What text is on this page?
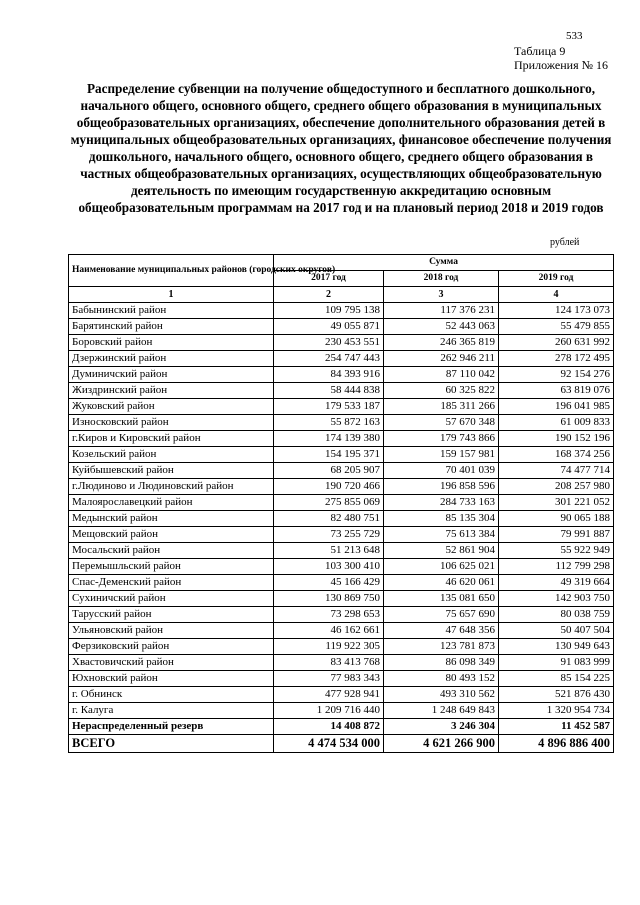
533
Таблица 9
Приложения № 16
Распределение субвенции на получение общедоступного и бесплатного дошкольного, начального общего, основного общего, среднего общего образования в муниципальных общеобразовательных организациях, обеспечение дополнительного образования детей в муниципальных общеобразовательных организациях, финансовое обеспечение получения дошкольного, начального общего, основного общего, среднего общего образования в частных общеобразовательных организациях, осуществляющих общеобразовательную деятельность по имеющим государственную аккредитацию основным общеобразовательным программам на 2017 год и на плановый период 2018 и 2019 годов
рублей
Наименование муниципальных районов (городских округов)	Сумма		
	2017 год	2018 год	2019 год
1	2	3	4
Бабынинский район	109 795 138	117 376 231	124 173 073
Барятинский район	49 055 871	52 443 063	55 479 855
Боровский район	230 453 551	246 365 819	260 631 992
Дзержинский район	254 747 443	262 946 211	278 172 495
Думиничский район	84 393 916	87 110 042	92 154 276
Жиздринский район	58 444 838	60 325 822	63 819 076
Жуковский район	179 533 187	185 311 266	196 041 985
Износковский район	55 872 163	57 670 348	61 009 833
г.Киров и Кировский район	174 139 380	179 743 866	190 152 196
Козельский район	154 195 371	159 157 981	168 374 256
Куйбышевский район	68 205 907	70 401 039	74 477 714
г.Людиново и Людиновский район	190 720 466	196 858 596	208 257 980
Малоярославецкий район	275 855 069	284 733 163	301 221 052
Медынский район	82 480 751	85 135 304	90 065 188
Мещовский район	73 255 729	75 613 384	79 991 887
Мосальский район	51 213 648	52 861 904	55 922 949
Перемышльский район	103 300 410	106 625 021	112 799 298
Спас-Деменский район	45 166 429	46 620 061	49 319 664
Сухиничский район	130 869 750	135 081 650	142 903 750
Тарусский район	73 298 653	75 657 690	80 038 759
Ульяновский район	46 162 661	47 648 356	50 407 504
Ферзиковский район	119 922 305	123 781 873	130 949 643
Хвастовичский район	83 413 768	86 098 349	91 083 999
Юхновский район	77 983 343	80 493 152	85 154 225
г. Обнинск	477 928 941	493 310 562	521 876 430
г. Калуга	1 209 716 440	1 248 649 843	1 320 954 734
Нераспределенный резерв	14 408 872	3 246 304	11 452 587
ВСЕГО	4 474 534 000	4 621 266 900	4 896 886 400
